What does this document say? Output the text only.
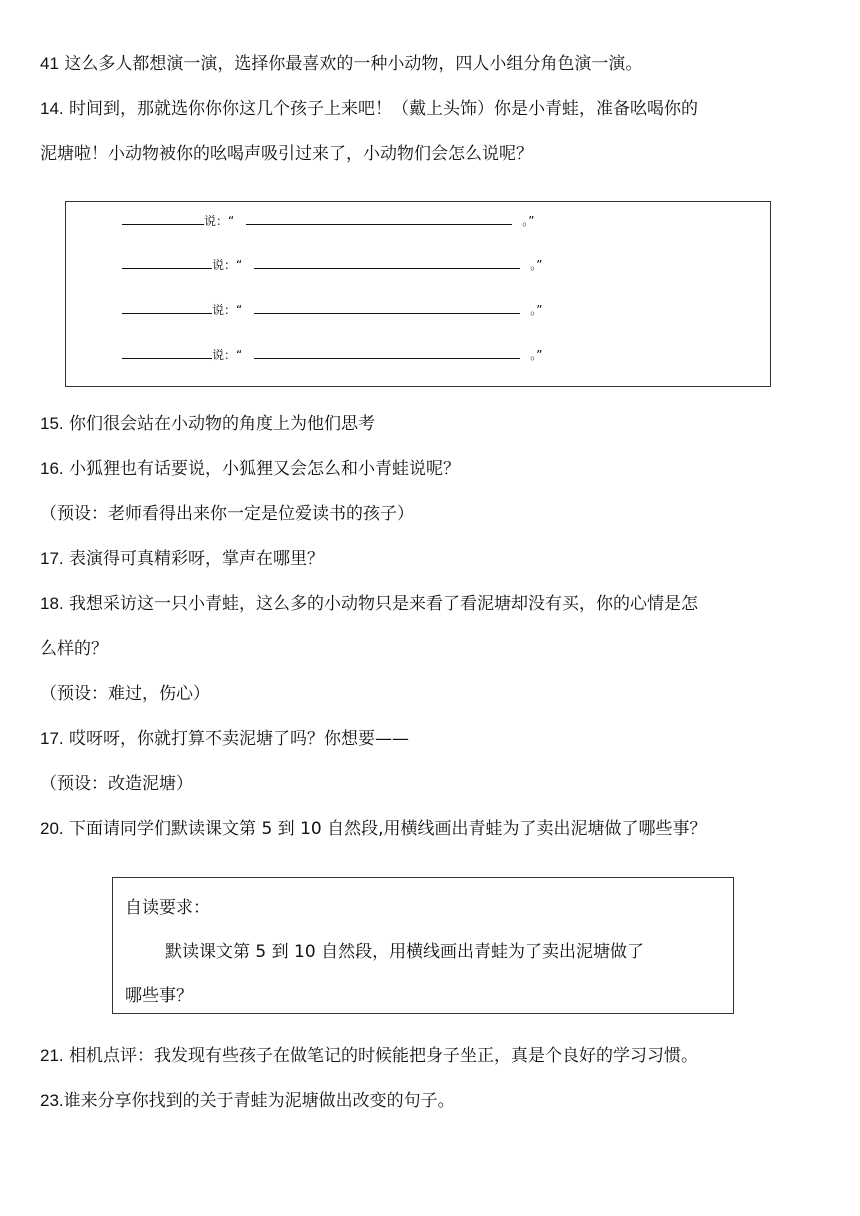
41 这么多人都想演一演，选择你最喜欢的一种小动物，四人小组分角色演一演。
14. 时间到，那就选你你你这几个孩子上来吧！（戴上头饰）你是小青蛙，准备吆喝你的
泥塘啦！小动物被你的吆喝声吸引过来了，小动物们会怎么说呢？
说：“	。”
说：“	。”
说：“	。”
说：“	。”
15. 你们很会站在小动物的角度上为他们思考
16. 小狐狸也有话要说，小狐狸又会怎么和小青蛙说呢？
（预设：老师看得出来你一定是位爱读书的孩子）
17. 表演得可真精彩呀，掌声在哪里？
18. 我想采访这一只小青蛙，这么多的小动物只是来看了看泥塘却没有买，你的心情是怎
么样的？
（预设：难过，伤心）
17. 哎呀呀，你就打算不卖泥塘了吗？你想要——
（预设：改造泥塘）
20. 下面请同学们默读课文第 5 到 10 自然段,用横线画出青蛙为了卖出泥塘做了哪些事？
自读要求：
默读课文第 5 到 10 自然段，用横线画出青蛙为了卖出泥塘做了
哪些事？
21. 相机点评：我发现有些孩子在做笔记的时候能把身子坐正，真是个良好的学习习惯。
23.谁来分享你找到的关于青蛙为泥塘做出改变的句子。
